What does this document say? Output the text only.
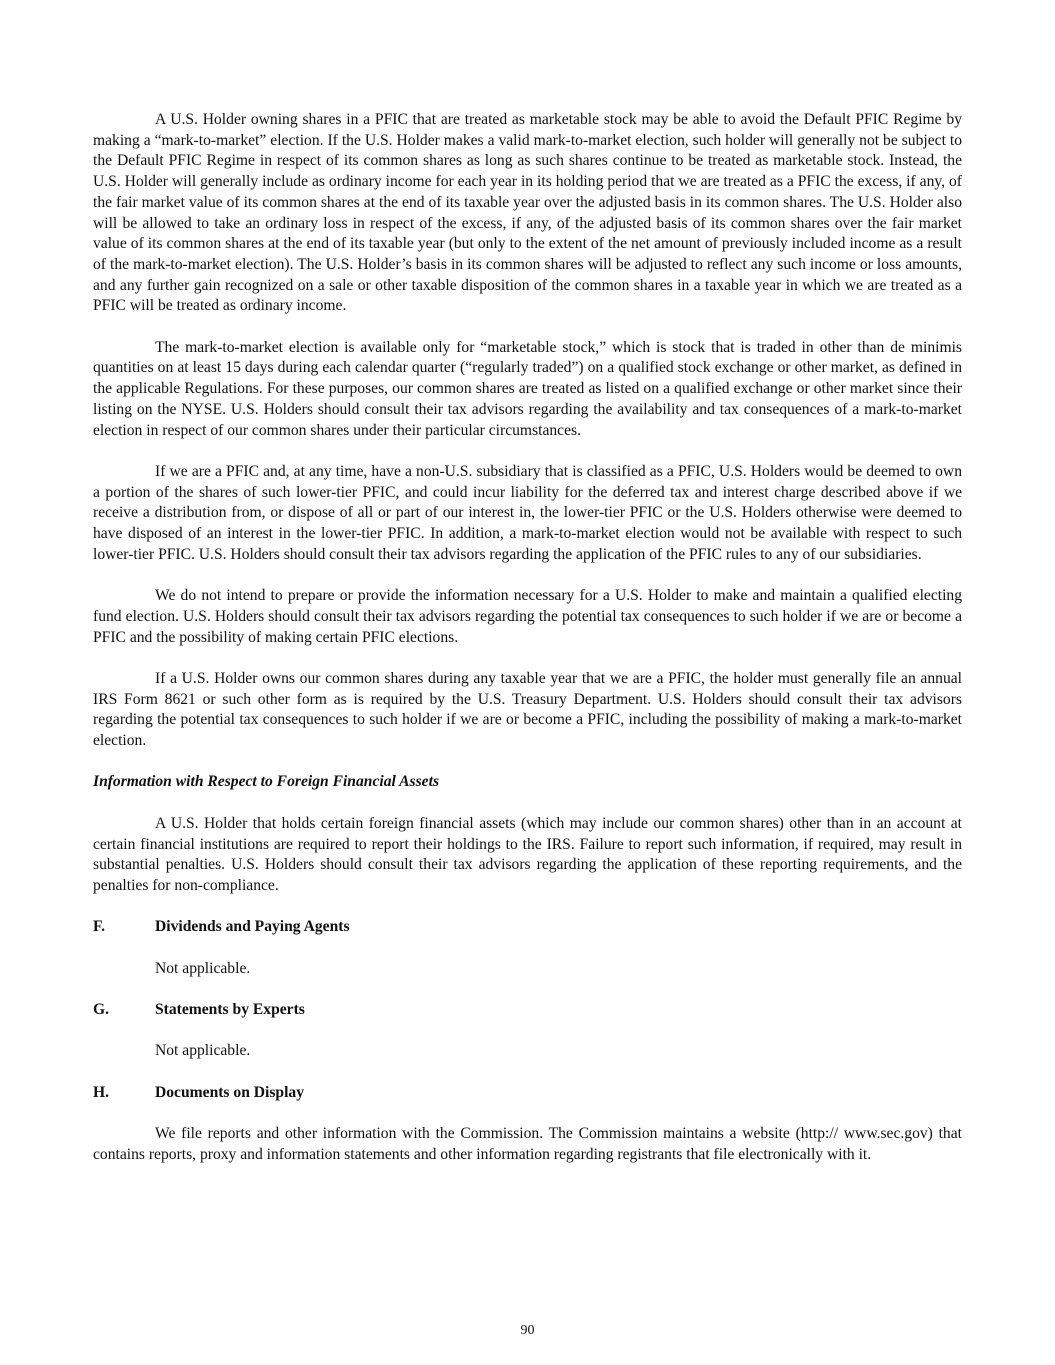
A U.S. Holder owning shares in a PFIC that are treated as marketable stock may be able to avoid the Default PFIC Regime by making a “mark-to-market” election. If the U.S. Holder makes a valid mark-to-market election, such holder will generally not be subject to the Default PFIC Regime in respect of its common shares as long as such shares continue to be treated as marketable stock. Instead, the U.S. Holder will generally include as ordinary income for each year in its holding period that we are treated as a PFIC the excess, if any, of the fair market value of its common shares at the end of its taxable year over the adjusted basis in its common shares. The U.S. Holder also will be allowed to take an ordinary loss in respect of the excess, if any, of the adjusted basis of its common shares over the fair market value of its common shares at the end of its taxable year (but only to the extent of the net amount of previously included income as a result of the mark-to-market election). The U.S. Holder’s basis in its common shares will be adjusted to reflect any such income or loss amounts, and any further gain recognized on a sale or other taxable disposition of the common shares in a taxable year in which we are treated as a PFIC will be treated as ordinary income.

The mark-to-market election is available only for “marketable stock,” which is stock that is traded in other than de minimis quantities on at least 15 days during each calendar quarter (“regularly traded”) on a qualified stock exchange or other market, as defined in the applicable Regulations. For these purposes, our common shares are treated as listed on a qualified exchange or other market since their listing on the NYSE. U.S. Holders should consult their tax advisors regarding the availability and tax consequences of a mark-to-market election in respect of our common shares under their particular circumstances.

If we are a PFIC and, at any time, have a non-U.S. subsidiary that is classified as a PFIC, U.S. Holders would be deemed to own a portion of the shares of such lower-tier PFIC, and could incur liability for the deferred tax and interest charge described above if we receive a distribution from, or dispose of all or part of our interest in, the lower-tier PFIC or the U.S. Holders otherwise were deemed to have disposed of an interest in the lower-tier PFIC. In addition, a mark-to-market election would not be available with respect to such lower-tier PFIC. U.S. Holders should consult their tax advisors regarding the application of the PFIC rules to any of our subsidiaries.

We do not intend to prepare or provide the information necessary for a U.S. Holder to make and maintain a qualified electing fund election. U.S. Holders should consult their tax advisors regarding the potential tax consequences to such holder if we are or become a PFIC and the possibility of making certain PFIC elections.

If a U.S. Holder owns our common shares during any taxable year that we are a PFIC, the holder must generally file an annual IRS Form 8621 or such other form as is required by the U.S. Treasury Department. U.S. Holders should consult their tax advisors regarding the potential tax consequences to such holder if we are or become a PFIC, including the possibility of making a mark-to-market election.

Information with Respect to Foreign Financial Assets

A U.S. Holder that holds certain foreign financial assets (which may include our common shares) other than in an account at certain financial institutions are required to report their holdings to the IRS. Failure to report such information, if required, may result in substantial penalties. U.S. Holders should consult their tax advisors regarding the application of these reporting requirements, and the penalties for non-compliance.

F.	Dividends and Paying Agents

Not applicable.

G.	Statements by Experts

Not applicable.

H.	Documents on Display

We file reports and other information with the Commission. The Commission maintains a website (http:// www.sec.gov) that contains reports, proxy and information statements and other information regarding registrants that file electronically with it.

90
